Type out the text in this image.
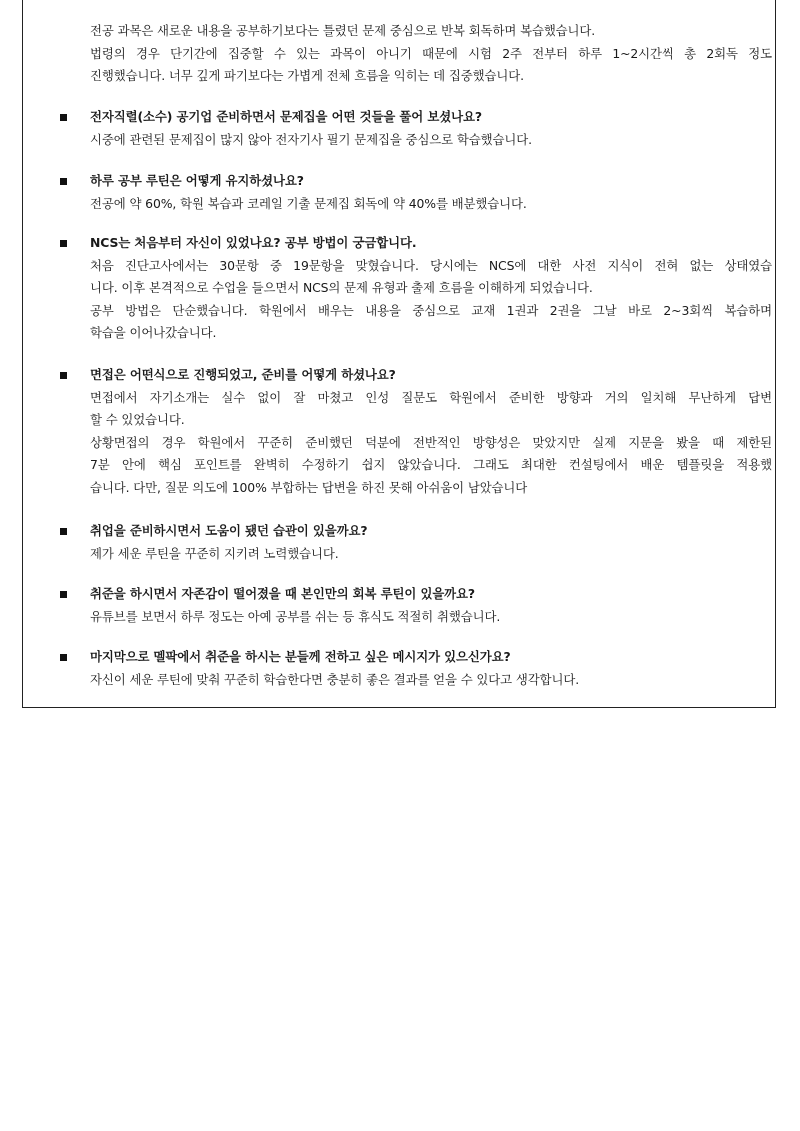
전공 과목은 새로운 내용을 공부하기보다는 틀렸던 문제 중심으로 반복 회독하며 복습했습니다.
법령의 경우 단기간에 집중할 수 있는 과목이 아니기 때문에 시험 2주 전부터 하루 1~2시간씩 총 2회독 정도
진행했습니다. 너무 깊게 파기보다는 가볍게 전체 흐름을 익히는 데 집중했습니다.
전자직렬(소수) 공기업 준비하면서 문제집을 어떤 것들을 풀어 보셨나요?
시중에 관련된 문제집이 많지 않아 전자기사 필기 문제집을 중심으로 학습했습니다.
하루 공부 루틴은 어떻게 유지하셨나요?
전공에 약 60%, 학원 복습과 코레일 기출 문제집 회독에 약 40%를 배분했습니다.
NCS는 처음부터 자신이 있었나요? 공부 방법이 궁금합니다.
처음 진단고사에서는 30문항 중 19문항을 맞혔습니다. 당시에는 NCS에 대한 사전 지식이 전혀 없는 상태였습
니다. 이후 본격적으로 수업을 들으면서 NCS의 문제 유형과 출제 흐름을 이해하게 되었습니다.
공부 방법은 단순했습니다. 학원에서 배우는 내용을 중심으로 교재 1권과 2권을 그날 바로 2~3회씩 복습하며
학습을 이어나갔습니다.
면접은 어떤식으로 진행되었고, 준비를 어떻게 하셨나요?
면접에서 자기소개는 실수 없이 잘 마쳤고 인성 질문도 학원에서 준비한 방향과 거의 일치해 무난하게 답변
할 수 있었습니다.
상황면접의 경우 학원에서 꾸준히 준비했던 덕분에 전반적인 방향성은 맞았지만 실제 지문을 봤을 때 제한된
7분 안에 핵심 포인트를 완벽히 수정하기 쉽지 않았습니다. 그래도 최대한 컨설팅에서 배운 템플릿을 적용했
습니다. 다만, 질문 의도에 100% 부합하는 답변을 하진 못해 아쉬움이 남았습니다
취업을 준비하시면서 도움이 됐던 습관이 있을까요?
제가 세운 루틴을 꾸준히 지키려 노력했습니다.
취준을 하시면서 자존감이 떨어졌을 때 본인만의 회복 루틴이 있을까요?
유튜브를 보면서 하루 정도는 아예 공부를 쉬는 등 휴식도 적절히 취했습니다.
마지막으로 멜팍에서 취준을 하시는 분들께 전하고 싶은 메시지가 있으신가요?
자신이 세운 루틴에 맞춰 꾸준히 학습한다면 충분히 좋은 결과를 얻을 수 있다고 생각합니다.
